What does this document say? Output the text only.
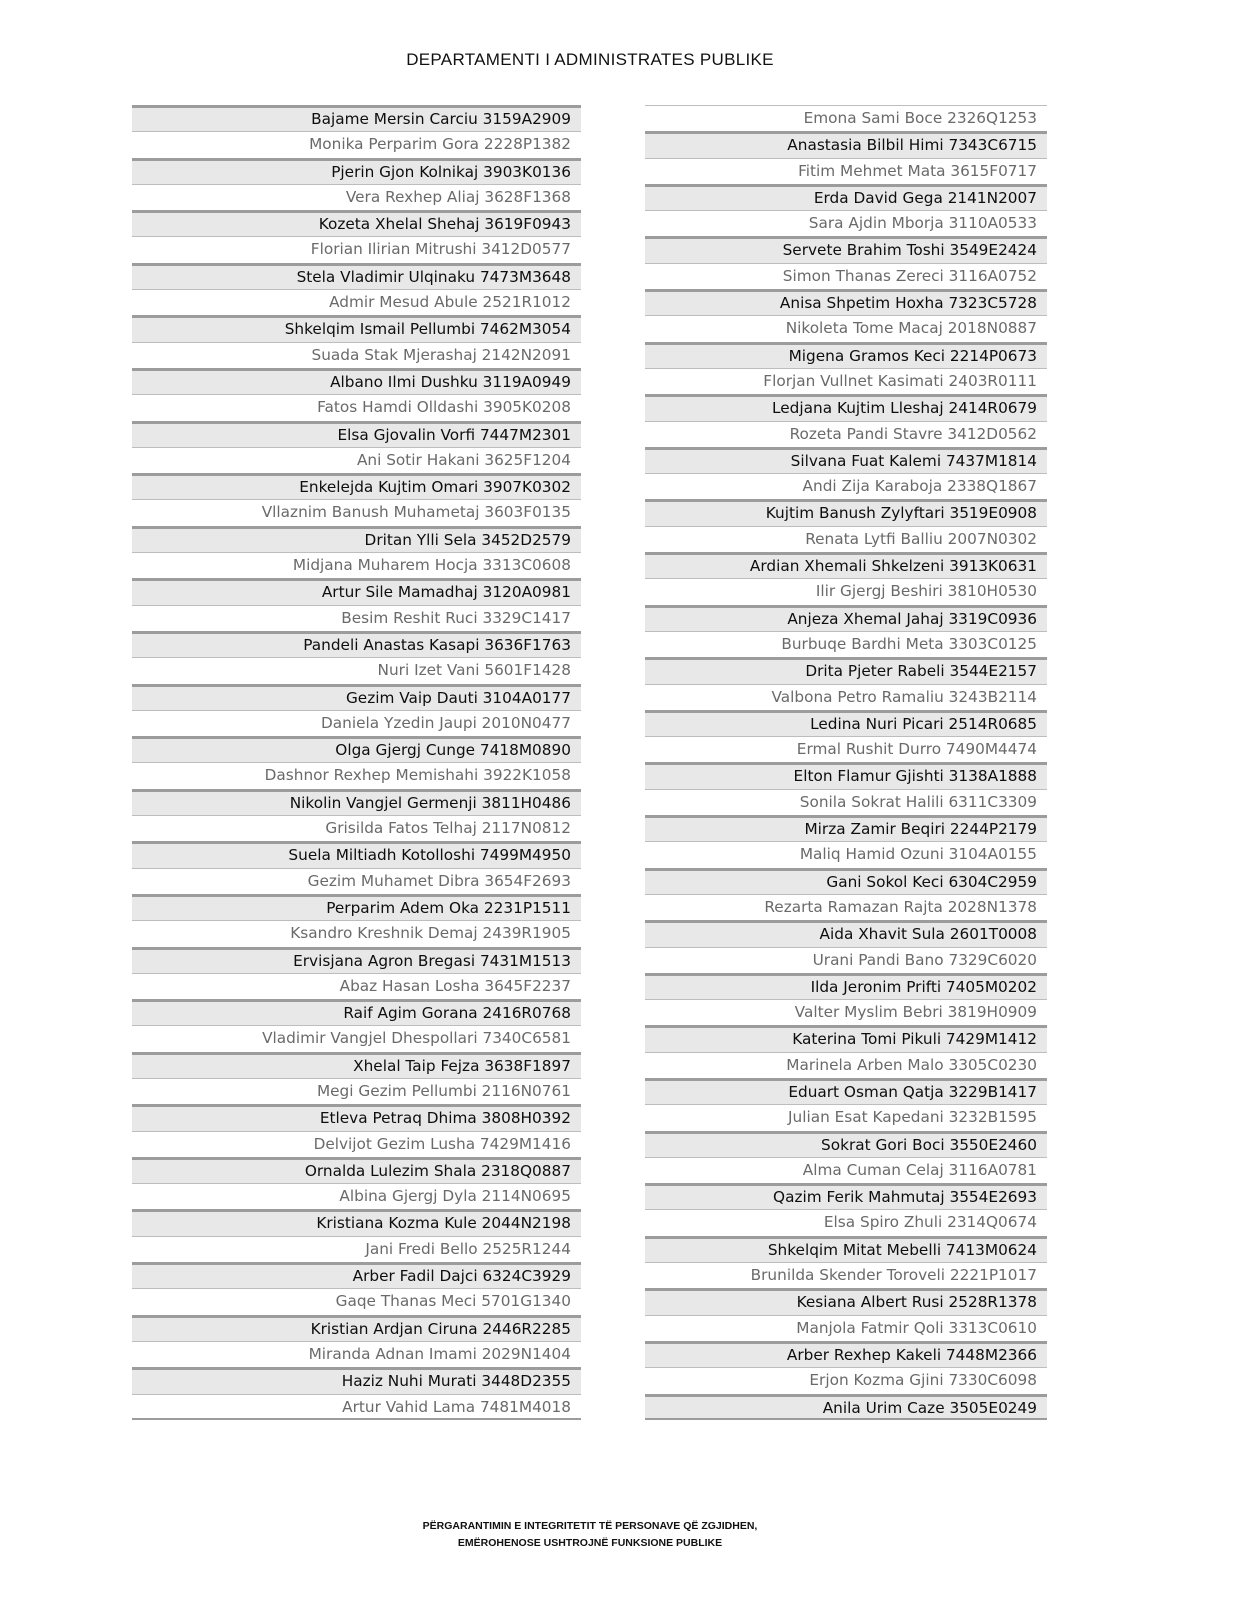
DEPARTAMENTI I ADMINISTRATES PUBLIKE
Bajame Mersin Carciu 3159A2909
Monika Perparim Gora 2228P1382
Pjerin Gjon Kolnikaj 3903K0136
Vera Rexhep Aliaj 3628F1368
Kozeta Xhelal Shehaj 3619F0943
Florian Ilirian Mitrushi 3412D0577
Stela Vladimir Ulqinaku 7473M3648
Admir Mesud Abule 2521R1012
Shkelqim Ismail Pellumbi 7462M3054
Suada Stak Mjerashaj 2142N2091
Albano Ilmi Dushku 3119A0949
Fatos Hamdi Olldashi 3905K0208
Elsa Gjovalin Vorfi 7447M2301
Ani Sotir Hakani 3625F1204
Enkelejda Kujtim Omari 3907K0302
Vllaznim Banush Muhametaj 3603F0135
Dritan Ylli Sela 3452D2579
Midjana Muharem Hocja 3313C0608
Artur Sile Mamadhaj 3120A0981
Besim Reshit Ruci 3329C1417
Pandeli Anastas Kasapi 3636F1763
Nuri Izet Vani 5601F1428
Gezim Vaip Dauti 3104A0177
Daniela Yzedin Jaupi 2010N0477
Olga Gjergj Cunge 7418M0890
Dashnor Rexhep Memishahi 3922K1058
Nikolin Vangjel Germenji 3811H0486
Grisilda Fatos Telhaj 2117N0812
Suela Miltiadh Kotolloshi 7499M4950
Gezim Muhamet Dibra 3654F2693
Perparim Adem Oka 2231P1511
Ksandro Kreshnik Demaj 2439R1905
Ervisjana Agron Bregasi 7431M1513
Abaz Hasan Losha 3645F2237
Raif Agim Gorana 2416R0768
Vladimir Vangjel Dhespollari 7340C6581
Xhelal Taip Fejza 3638F1897
Megi Gezim Pellumbi 2116N0761
Etleva Petraq Dhima 3808H0392
Delvijot Gezim Lusha 7429M1416
Ornalda Lulezim Shala 2318Q0887
Albina Gjergj Dyla 2114N0695
Kristiana Kozma Kule 2044N2198
Jani Fredi Bello 2525R1244
Arber Fadil Dajci 6324C3929
Gaqe Thanas Meci 5701G1340
Kristian Ardjan Ciruna 2446R2285
Miranda Adnan Imami 2029N1404
Haziz Nuhi Murati 3448D2355
Artur Vahid Lama 7481M4018
Emona Sami Boce 2326Q1253
Anastasia Bilbil Himi 7343C6715
Fitim Mehmet Mata 3615F0717
Erda David Gega 2141N2007
Sara Ajdin Mborja 3110A0533
Servete Brahim Toshi 3549E2424
Simon Thanas Zereci 3116A0752
Anisa Shpetim Hoxha 7323C5728
Nikoleta Tome Macaj 2018N0887
Migena Gramos Keci 2214P0673
Florjan Vullnet Kasimati 2403R0111
Ledjana Kujtim Lleshaj 2414R0679
Rozeta Pandi Stavre 3412D0562
Silvana Fuat Kalemi 7437M1814
Andi Zija Karaboja 2338Q1867
Kujtim Banush Zylyftari 3519E0908
Renata Lytfi Balliu 2007N0302
Ardian Xhemali Shkelzeni 3913K0631
Ilir Gjergj Beshiri 3810H0530
Anjeza Xhemal Jahaj 3319C0936
Burbuqe Bardhi Meta 3303C0125
Drita Pjeter Rabeli 3544E2157
Valbona Petro Ramaliu 3243B2114
Ledina Nuri Picari 2514R0685
Ermal Rushit Durro 7490M4474
Elton Flamur Gjishti 3138A1888
Sonila Sokrat Halili 6311C3309
Mirza Zamir Beqiri 2244P2179
Maliq Hamid Ozuni 3104A0155
Gani Sokol Keci 6304C2959
Rezarta Ramazan Rajta 2028N1378
Aida Xhavit Sula 2601T0008
Urani Pandi Bano 7329C6020
Ilda Jeronim Prifti 7405M0202
Valter Myslim Bebri 3819H0909
Katerina Tomi Pikuli 7429M1412
Marinela Arben Malo 3305C0230
Eduart Osman Qatja 3229B1417
Julian Esat Kapedani 3232B1595
Sokrat Gori Boci 3550E2460
Alma Cuman Celaj 3116A0781
Qazim Ferik Mahmutaj 3554E2693
Elsa Spiro Zhuli 2314Q0674
Shkelqim Mitat Mebelli 7413M0624
Brunilda Skender Toroveli 2221P1017
Kesiana Albert Rusi 2528R1378
Manjola Fatmir Qoli 3313C0610
Arber Rexhep Kakeli 7448M2366
Erjon Kozma Gjini 7330C6098
Anila Urim Caze 3505E0249
PËRGARANTIMIN E INTEGRITETIT TË PERSONAVE QË ZGJIDHEN,
EMËROHENOSE USHTROJNË FUNKSIONE PUBLIKE
